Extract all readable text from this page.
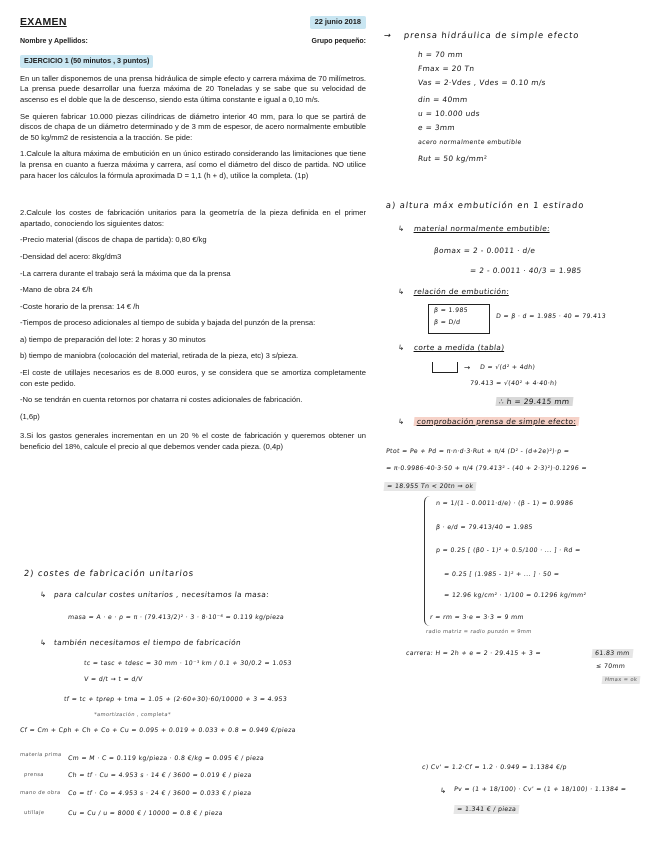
EXAMEN	22 junio 2018
Nombre y Apellidos:	Grupo pequeño:
EJERCICIO 1 (50 minutos , 3 puntos)

En un taller disponemos de una prensa hidráulica de simple efecto y carrera máxima de 70 milímetros. La prensa puede desarrollar una fuerza máxima de 20 Toneladas y se sabe que su velocidad de ascenso es el doble que la de descenso, siendo esta última constante e igual a 0,10 m/s.

Se quieren fabricar 10.000 piezas cilíndricas de diámetro interior 40 mm, para lo que se partirá de discos de chapa de un diámetro determinado y de 3 mm de espesor, de acero normalmente embutible de 50 kg/mm2 de resistencia a la tracción. Se pide:

1.Calcule la altura máxima de embutición en un único estirado considerando las limitaciones que tiene la prensa en cuanto a fuerza máxima y carrera, así como el diámetro del disco de partida. NO utilice para hacer los cálculos la fórmula aproximada D = 1,1 (h + d), utilice la completa. (1p)

2.Calcule los costes de fabricación unitarios para la geometría de la pieza definida en el primer apartado, conociendo los siguientes datos:

-Precio material (discos de chapa de partida): 0,80 €/kg

-Densidad del acero: 8kg/dm3

-La carrera durante el trabajo será la máxima que da la prensa

-Mano de obra 24 €/h

-Coste horario de la prensa: 14 € /h

-Tiempos de proceso adicionales al tiempo de subida y bajada del punzón de la prensa:

a) tiempo de preparación del lote: 2 horas y 30 minutos

b) tiempo de maniobra (colocación del material, retirada de la pieza, etc) 3 s/pieza.

-El coste de utillajes necesarios es de 8.000 euros, y se considera que se amortiza completamente con este pedido.

-No se tendrán en cuenta retornos por chatarra ni costes adicionales de fabricación.

(1,6p)

3.Si los gastos generales incrementan en un 20 % el coste de fabricación y queremos obtener un beneficio del 18%, calcule el precio al que debemos vender cada pieza. (0,4p)

→ prensa hidráulica de simple efecto
h = 70 mm
Fmax = 20 Tn
Vas = 2·Vdes , Vdes = 0.10 m/s
din = 40mm
u = 10.000 uds
e = 3mm
acero normalmente embutible
Rut = 50 kg/mm²
a) altura máx embutición en 1 estirado
↳ material normalmente embutible:
βomax = 2 - 0.0011 · d/e
= 2 - 0.0011 · 40/3 = 1.985
↳ relación de embutición:
β = 1.985
β = D/d
D = β · d = 1.985 · 40 = 79.413
↳ corte a medida (tabla)
→ D = √(d² + 4dh)
79.413 = √(40² + 4·40·h)
∴ h = 29.415 mm
↳	comprobación prensa de simple efecto:
Ptot = Pe + Pd = π·n·d·3·Rut + π/4 (D² - (d+2e)²)·p =
= π·0.9986·40·3·50 + π/4 (79.413² - (40 + 2·3)²)·0.1296 =
= 18.955 Tn < 20tn ⇒ ok
n = 1/(1 - 0.0011·d/e) · (β - 1) = 0.9986
β · e/d = 79.413/40 = 1.985
p = 0.25 [ (β0 - 1)² + 0.5/100 · ... ] · Rd =
= 0.25 [ (1.985 - 1)² + ... ] · 50 =
= 12.96 kg/cm² · 1/100 = 0.1296 kg/mm²
r = rm = 3·e = 3·3 = 9 mm
radio matriz = radio punzón = 9mm
carrera: H = 2h + e = 2 · 29.415 + 3 =	61.83 mm
≤ 70mm
Hmax = ok
c) Cv' = 1.2·Cf = 1.2 · 0.949 = 1.1384 €/p
↳ Pv = (1 + 18/100) · Cv' = (1 + 18/100) · 1.1384 =
= 1.341 € / pieza
2) costes de fabricación unitarios
↳ para calcular costes unitarios , necesitamos la masa:
masa = A · e · ρ = π · (79.413/2)² · 3 · 8·10⁻⁶ = 0.119 kg/pieza
↳ también necesitamos el tiempo de fabricación
tc = tasc + tdesc = 30 mm · 10⁻³ km / 0.1 + 30/0.2 = 1.053
V = d/t → t = d/V
tf = tc + tprep + tma = 1.05 + (2·60+30)·60/10000 + 3 = 4.953
*amortización , completa*
Cf = Cm + Cph + Ch + Co + Cu = 0.095 + 0.019 + 0.033 + 0.8 = 0.949 €/pieza
materia prima Cm = M · C = 0.119 kg/pieza · 0.8 €/kg = 0.095 € / pieza
prensa	Ch = tf · Cu = 4.953 s · 14 € / 3600 = 0.019 € / pieza
mano de obra Co = tf · Co = 4.953 s · 24 € / 3600 = 0.033 € / pieza
utillaje	Cu = Cu / u = 8000 € / 10000 = 0.8 € / pieza
